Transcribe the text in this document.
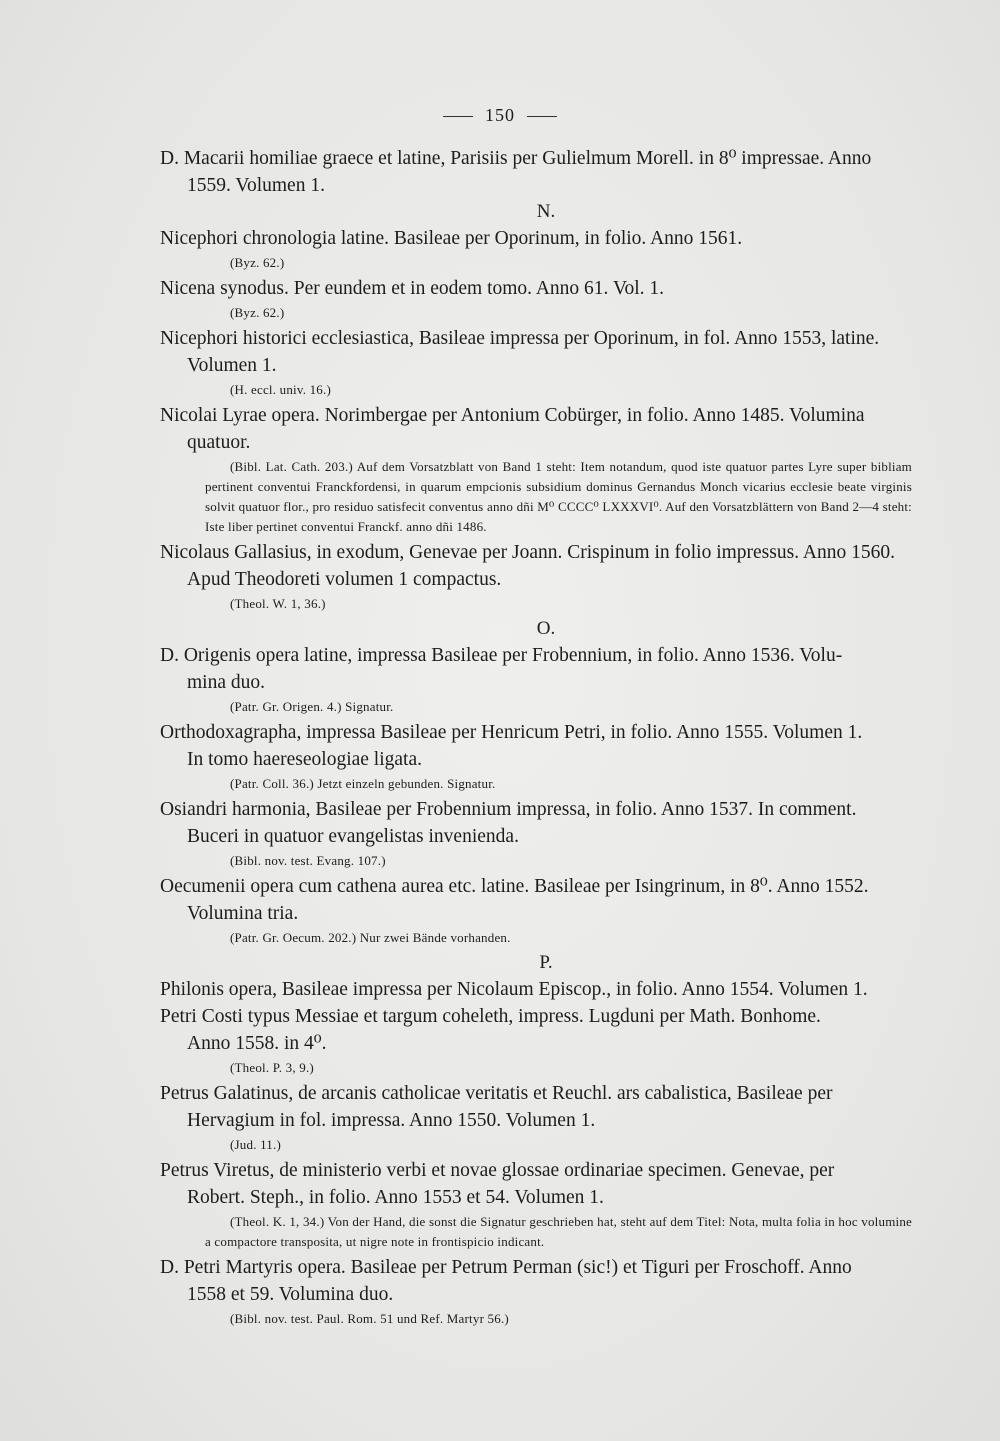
150
D. Macarii homiliae graece et latine, Parisiis per Gulielmum Morell. in 8⁰ impressae. Anno
1559. Volumen 1.
N.
Nicephori chronologia latine. Basileae per Oporinum, in folio. Anno 1561.
(Byz. 62.)
Nicena synodus. Per eundem et in eodem tomo. Anno 61. Vol. 1.
(Byz. 62.)
Nicephori historici ecclesiastica, Basileae impressa per Oporinum, in fol. Anno 1553, latine.
Volumen 1.
(H. eccl. univ. 16.)
Nicolai Lyrae opera. Norimbergae per Antonium Cobürger, in folio. Anno 1485. Volumina
quatuor.
(Bibl. Lat. Cath. 203.) Auf dem Vorsatzblatt von Band 1 steht: Item notandum, quod iste quatuor partes Lyre super bibliam pertinent conventui Franckfordensi, in quarum empcionis subsidium dominus Gernandus Monch vicarius ecclesie beate virginis solvit quatuor flor., pro residuo satisfecit conventus anno dñi M⁰ CCCC⁰ LXXXVI⁰. Auf den Vorsatzblättern von Band 2—4 steht: Iste liber pertinet conventui Franckf. anno dñi 1486.
Nicolaus Gallasius, in exodum, Genevae per Joann. Crispinum in folio impressus. Anno 1560.
Apud Theodoreti volumen 1 compactus.
(Theol. W. 1, 36.)
O.
D. Origenis opera latine, impressa Basileae per Frobennium, in folio. Anno 1536. Volu-
mina duo.
(Patr. Gr. Origen. 4.) Signatur.
Orthodoxagrapha, impressa Basileae per Henricum Petri, in folio. Anno 1555. Volumen 1.
In tomo haereseologiae ligata.
(Patr. Coll. 36.) Jetzt einzeln gebunden. Signatur.
Osiandri harmonia, Basileae per Frobennium impressa, in folio. Anno 1537. In comment.
Buceri in quatuor evangelistas invenienda.
(Bibl. nov. test. Evang. 107.)
Oecumenii opera cum cathena aurea etc. latine. Basileae per Isingrinum, in 8⁰. Anno 1552.
Volumina tria.
(Patr. Gr. Oecum. 202.) Nur zwei Bände vorhanden.
P.
Philonis opera, Basileae impressa per Nicolaum Episcop., in folio. Anno 1554. Volumen 1.
Petri Costi typus Messiae et targum coheleth, impress. Lugduni per Math. Bonhome.
Anno 1558. in 4⁰.
(Theol. P. 3, 9.)
Petrus Galatinus, de arcanis catholicae veritatis et Reuchl. ars cabalistica, Basileae per
Hervagium in fol. impressa. Anno 1550. Volumen 1.
(Jud. 11.)
Petrus Viretus, de ministerio verbi et novae glossae ordinariae specimen. Genevae, per
Robert. Steph., in folio. Anno 1553 et 54. Volumen 1.
(Theol. K. 1, 34.) Von der Hand, die sonst die Signatur geschrieben hat, steht auf dem Titel: Nota, multa folia in hoc volumine a compactore transposita, ut nigre note in frontispicio indicant.
D. Petri Martyris opera. Basileae per Petrum Perman (sic!) et Tiguri per Froschoff. Anno
1558 et 59. Volumina duo.
(Bibl. nov. test. Paul. Rom. 51 und Ref. Martyr 56.)
